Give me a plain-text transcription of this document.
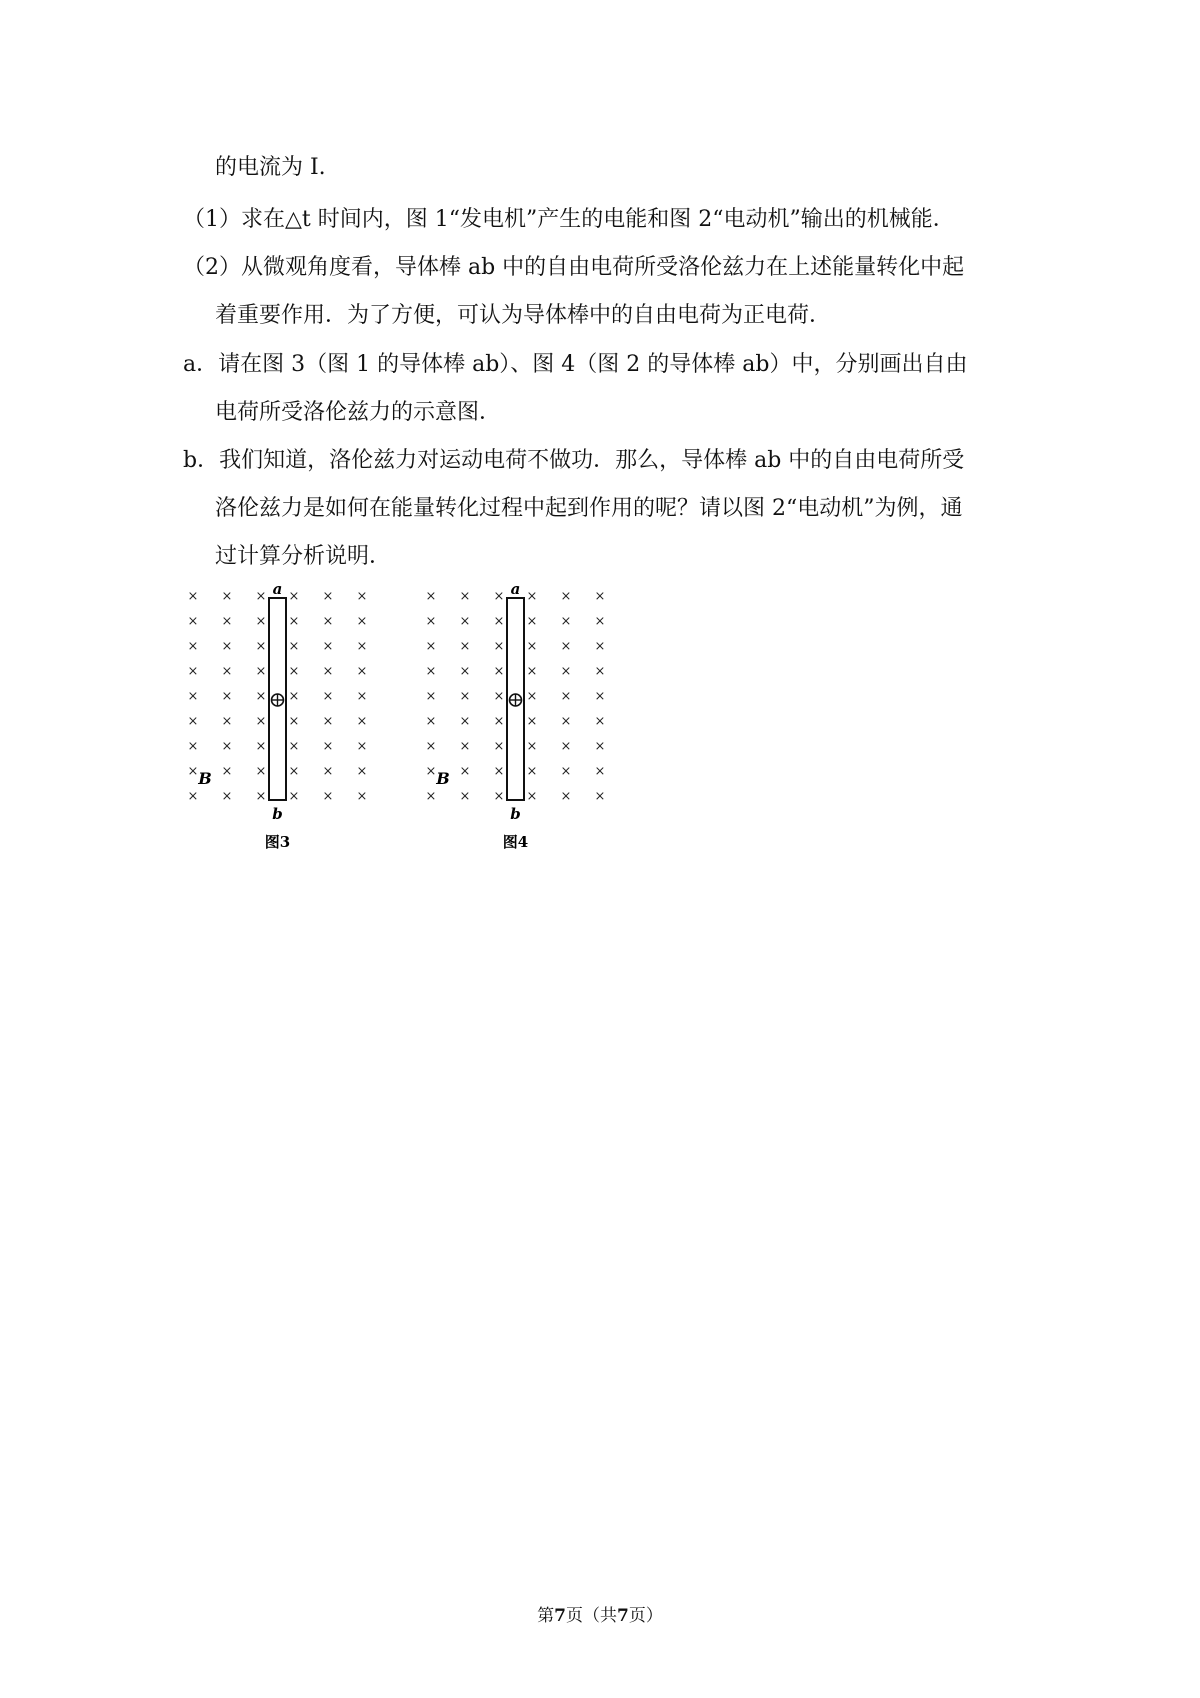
的电流为 I.
（1）求在△t 时间内，图 1“发电机”产生的电能和图 2“电动机”输出的机械能．
（2）从微观角度看，导体棒 ab 中的自由电荷所受洛伦兹力在上述能量转化中起
着重要作用．为了方便，可认为导体棒中的自由电荷为正电荷．
a．请在图 3（图 1 的导体棒 ab）、图 4（图 2 的导体棒 ab）中，分别画出自由
电荷所受洛伦兹力的示意图．
b．我们知道，洛伦兹力对运动电荷不做功．那么，导体棒 ab 中的自由电荷所受
洛伦兹力是如何在能量转化过程中起到作用的呢？请以图 2“电动机”为例，通
过计算分析说明．
× × × × × ×
× × × × × ×
× × × × × ×
× × × × × ×
× × × × × ×
× × × × × ×
× × × × × ×
× × × × × ×
× × × × × ×
a
b
B
图3
× × × × × ×
× × × × × ×
× × × × × ×
× × × × × ×
× × × × × ×
× × × × × ×
× × × × × ×
× × × × × ×
× × × × × ×
a
b
B
图4
第7页（共7页）
